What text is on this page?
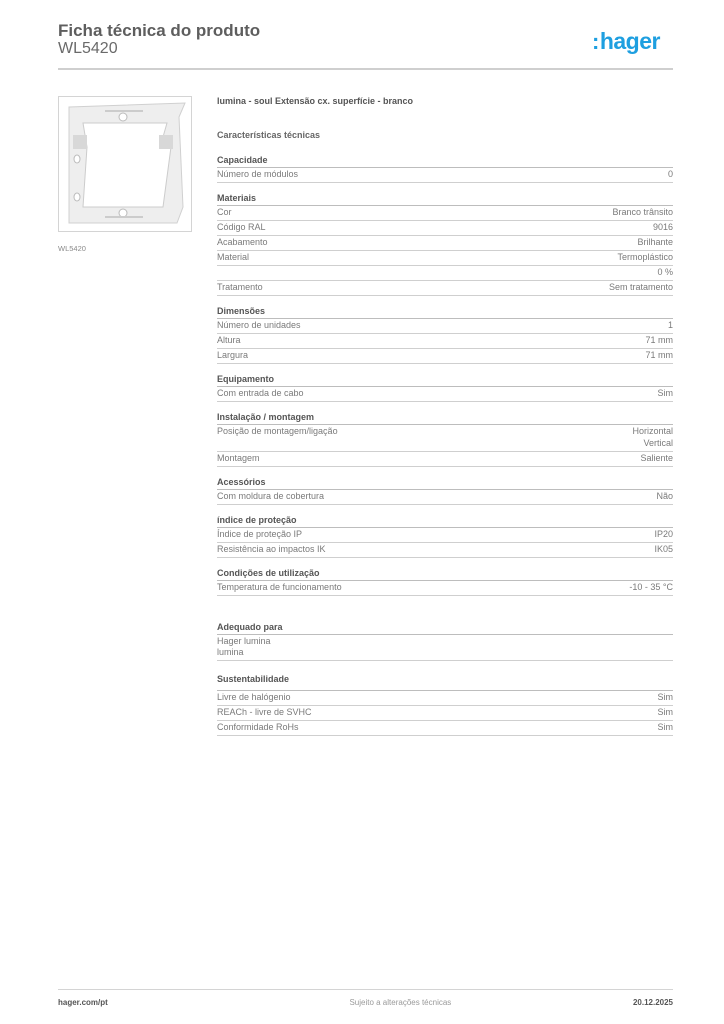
Ficha técnica do produto
WL5420	:hager
WL5420
lumina - soul Extensão cx. superfície - branco
Características técnicas
Capacidade
Número de módulos	0
Materiais
Cor	Branco trânsito
Código RAL	9016
Acabamento	Brilhante
Material	Termoplástico
0 %
Tratamento	Sem tratamento
Dimensões
Número de unidades	1
Altura	71 mm
Largura	71 mm
Equipamento
Com entrada de cabo	Sim
Instalação / montagem
Posição de montagem/ligação	Horizontal
Vertical
Montagem	Saliente
Acessórios
Com moldura de cobertura	Não
índice de proteção
Índice de proteção IP	IP20
Resistência ao impactos IK	IK05
Condições de utilização
Temperatura de funcionamento	-10 - 35 °C
Adequado para
Hager lumina
lumina
Sustentabilidade
Livre de halógenio	Sim
REACh - livre de SVHC	Sim
Conformidade RoHs	Sim
hager.com/pt	Sujeito a alterações técnicas	20.12.2025
